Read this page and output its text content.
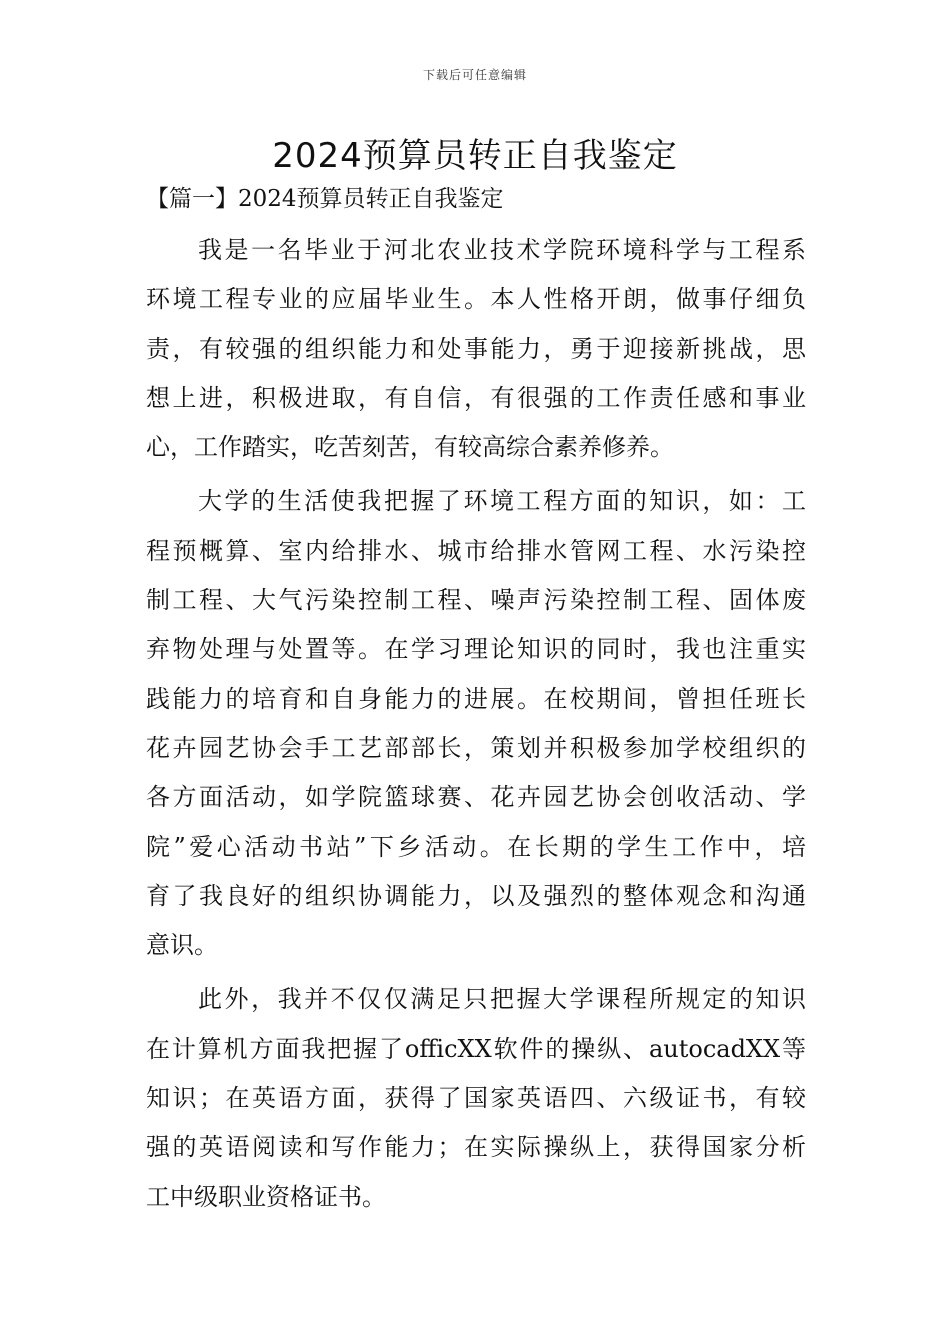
下载后可任意编辑
2024预算员转正自我鉴定
【篇一】2024预算员转正自我鉴定
我是一名毕业于河北农业技术学院环境科学与工程系
环境工程专业的应届毕业生。本人性格开朗，做事仔细负
责，有较强的组织能力和处事能力，勇于迎接新挑战，思
想上进，积极进取，有自信，有很强的工作责任感和事业
心，工作踏实，吃苦刻苦，有较高综合素养修养。
大学的生活使我把握了环境工程方面的知识，如：工
程预概算、室内给排水、城市给排水管网工程、水污染控
制工程、大气污染控制工程、噪声污染控制工程、固体废
弃物处理与处置等。在学习理论知识的同时，我也注重实
践能力的培育和自身能力的进展。在校期间，曾担任班长
花卉园艺协会手工艺部部长，策划并积极参加学校组织的
各方面活动，如学院篮球赛、花卉园艺协会创收活动、学
院”爱心活动书站”下乡活动。在长期的学生工作中，培
育了我良好的组织协调能力，以及强烈的整体观念和沟通
意识。
此外，我并不仅仅满足只把握大学课程所规定的知识
在计算机方面我把握了officXX软件的操纵、autocadXX等
知识；在英语方面，获得了国家英语四、六级证书，有较
强的英语阅读和写作能力；在实际操纵上，获得国家分析
工中级职业资格证书。
